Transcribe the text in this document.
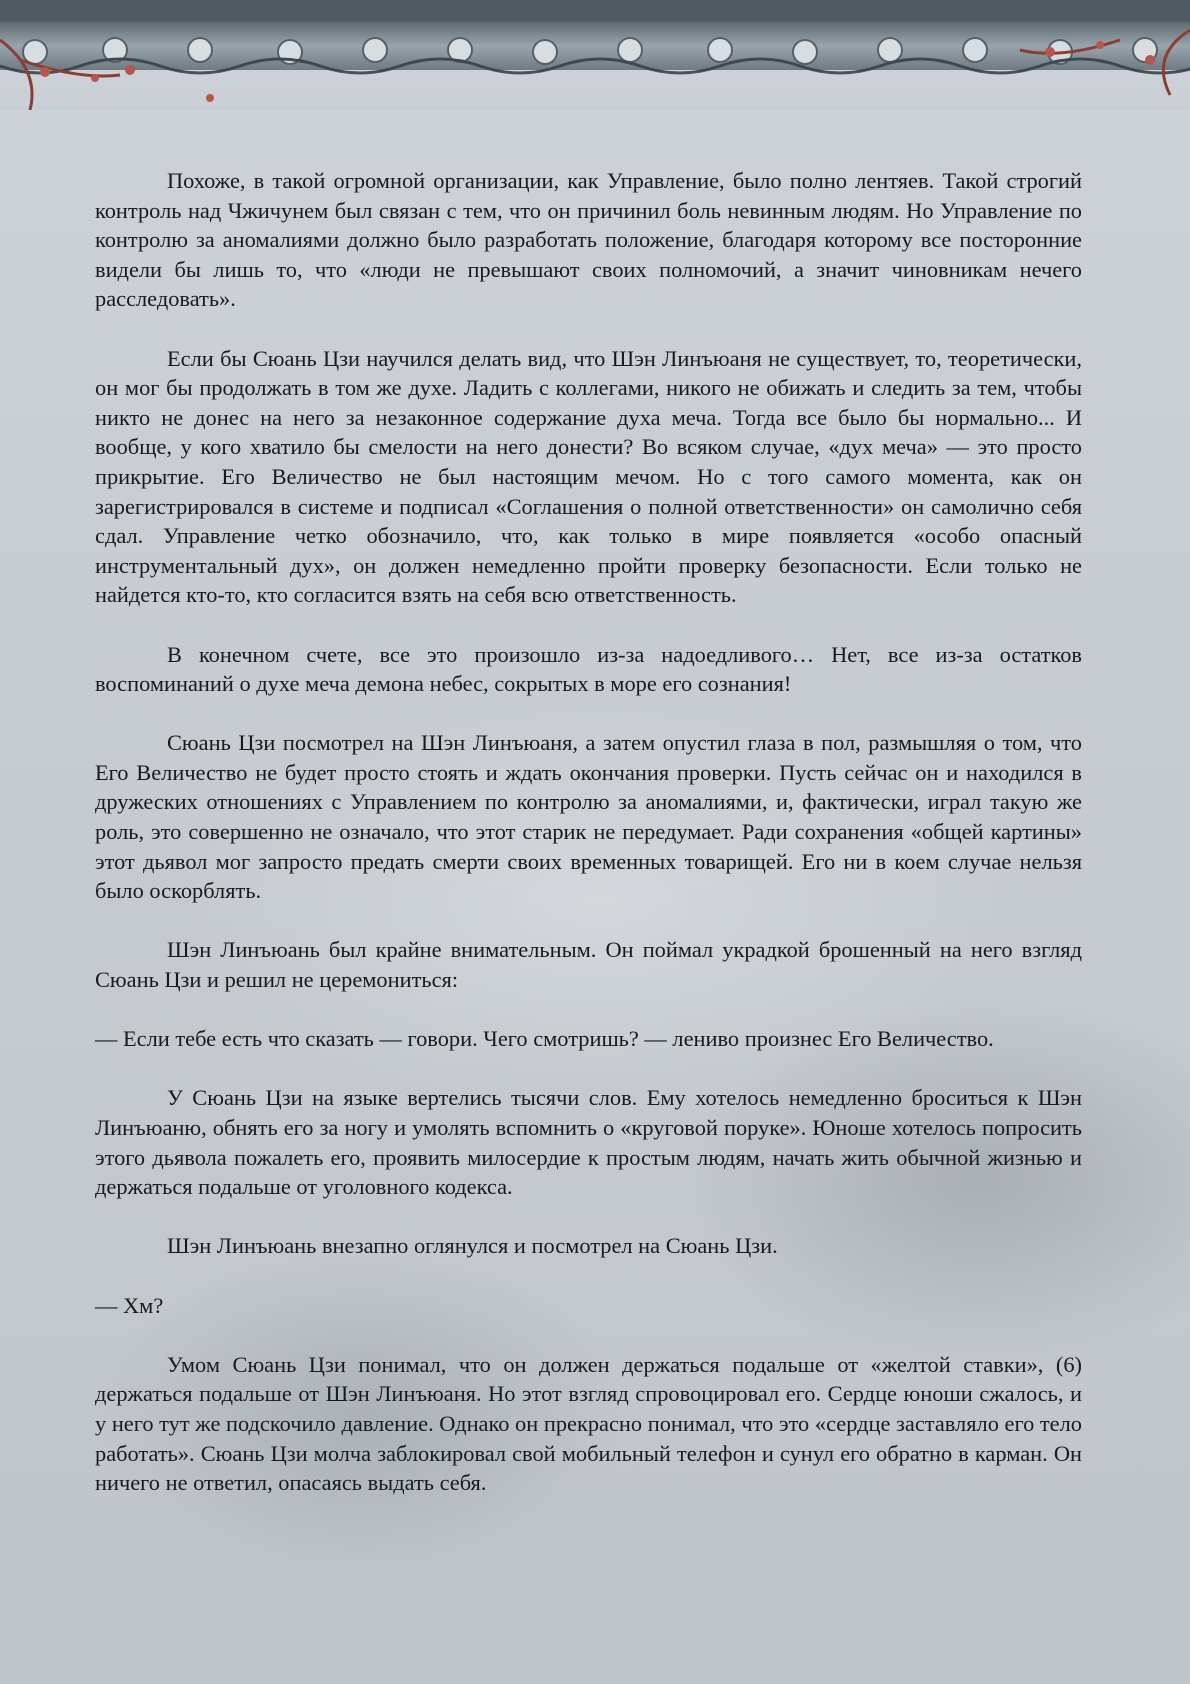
Похоже, в такой огромной организации, как Управление, было полно лентяев. Такой строгий контроль над Чжичунем был связан с тем, что он причинил боль невинным людям. Но Управление по контролю за аномалиями должно было разработать положение, благодаря которому все посторонние видели бы лишь то, что «люди не превышают своих полномочий, а значит чиновникам нечего расследовать».

Если бы Сюань Цзи научился делать вид, что Шэн Линъюаня не существует, то, теоретически, он мог бы продолжать в том же духе. Ладить с коллегами, никого не обижать и следить за тем, чтобы никто не донес на него за незаконное содержание духа меча. Тогда все было бы нормально... И вообще, у кого хватило бы смелости на него донести? Во всяком случае, «дух меча» — это просто прикрытие. Его Величество не был настоящим мечом. Но с того самого момента, как он зарегистрировался в системе и подписал «Соглашения о полной ответственности» он самолично себя сдал. Управление четко обозначило, что, как только в мире появляется «особо опасный инструментальный дух», он должен немедленно пройти проверку безопасности. Если только не найдется кто-то, кто согласится взять на себя всю ответственность.

В конечном счете, все это произошло из-за надоедливого… Нет, все из-за остатков воспоминаний о духе меча демона небес, сокрытых в море его сознания!

Сюань Цзи посмотрел на Шэн Линъюаня, а затем опустил глаза в пол, размышляя о том, что Его Величество не будет просто стоять и ждать окончания проверки. Пусть сейчас он и находился в дружеских отношениях с Управлением по контролю за аномалиями, и, фактически, играл такую же роль, это совершенно не означало, что этот старик не передумает. Ради сохранения «общей картины» этот дьявол мог запросто предать смерти своих временных товарищей. Его ни в коем случае нельзя было оскорблять.

Шэн Линъюань был крайне внимательным. Он поймал украдкой брошенный на него взгляд Сюань Цзи и решил не церемониться:

— Если тебе есть что сказать — говори. Чего смотришь? — лениво произнес Его Величество.

У Сюань Цзи на языке вертелись тысячи слов. Ему хотелось немедленно броситься к Шэн Линъюаню, обнять его за ногу и умолять вспомнить о «круговой поруке». Юноше хотелось попросить этого дьявола пожалеть его, проявить милосердие к простым людям, начать жить обычной жизнью и держаться подальше от уголовного кодекса.

Шэн Линъюань внезапно оглянулся и посмотрел на Сюань Цзи.

— Хм?

Умом Сюань Цзи понимал, что он должен держаться подальше от «желтой ставки», (6) держаться подальше от Шэн Линъюаня. Но этот взгляд спровоцировал его. Сердце юноши сжалось, и у него тут же подскочило давление. Однако он прекрасно понимал, что это «сердце заставляло его тело работать». Сюань Цзи молча заблокировал свой мобильный телефон и сунул его обратно в карман. Он ничего не ответил, опасаясь выдать себя.
